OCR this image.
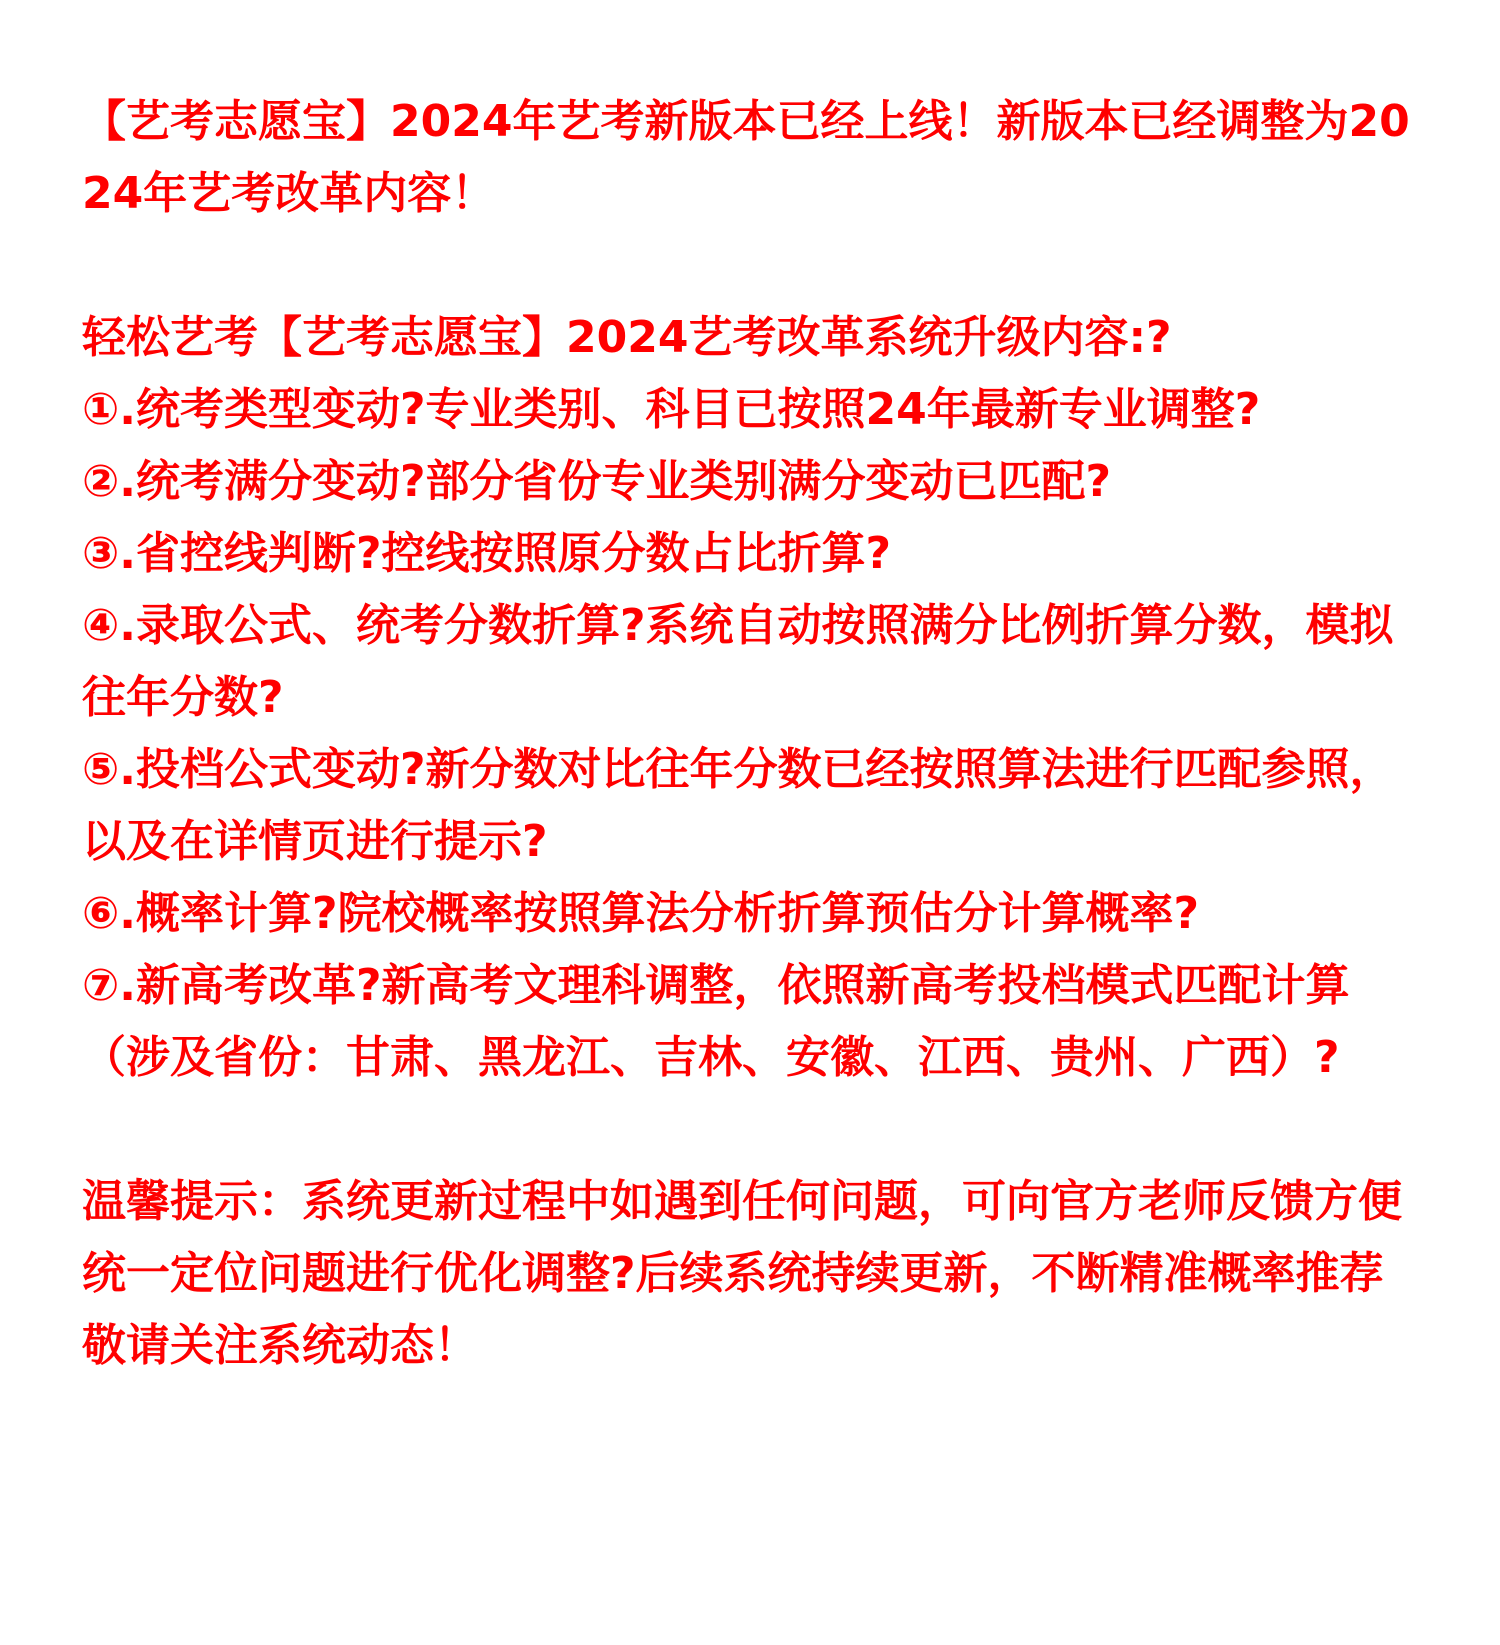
【艺考志愿宝】2024年艺考新版本已经上线！新版本已经调整为2024年艺考改革内容！

轻松艺考【艺考志愿宝】2024艺考改革系统升级内容:?

①.统考类型变动?专业类别、科目已按照24年最新专业调整?

②.统考满分变动?部分省份专业类别满分变动已匹配?

③.省控线判断?控线按照原分数占比折算?

④.录取公式、统考分数折算?系统自动按照满分比例折算分数，模拟往年分数?

⑤.投档公式变动?新分数对比往年分数已经按照算法进行匹配参照，以及在详情页进行提示?

⑥.概率计算?院校概率按照算法分析折算预估分计算概率?

⑦.新高考改革?新高考文理科调整，依照新高考投档模式匹配计算（涉及省份：甘肃、黑龙江、吉林、安徽、江西、贵州、广西）?

温馨提示：系统更新过程中如遇到任何问题，可向官方老师反馈方便统一定位问题进行优化调整?后续系统持续更新，不断精准概率推荐敬请关注系统动态！
